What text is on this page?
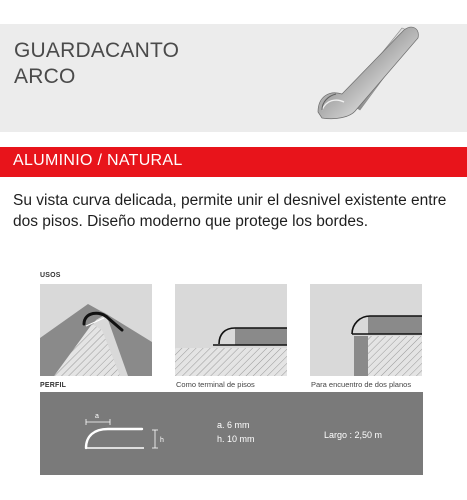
GUARDACANTO
ARCO
ALUMINIO / NATURAL

Su vista curva delicada, permite unir el desnivel existente entre dos pisos. Diseño moderno que protege los bordes.

USOS
Como terminal de pisos	Para encuentro de dos planos
PERFIL
a
h
a. 6 mm
h. 10 mm	Largo : 2,50 m
